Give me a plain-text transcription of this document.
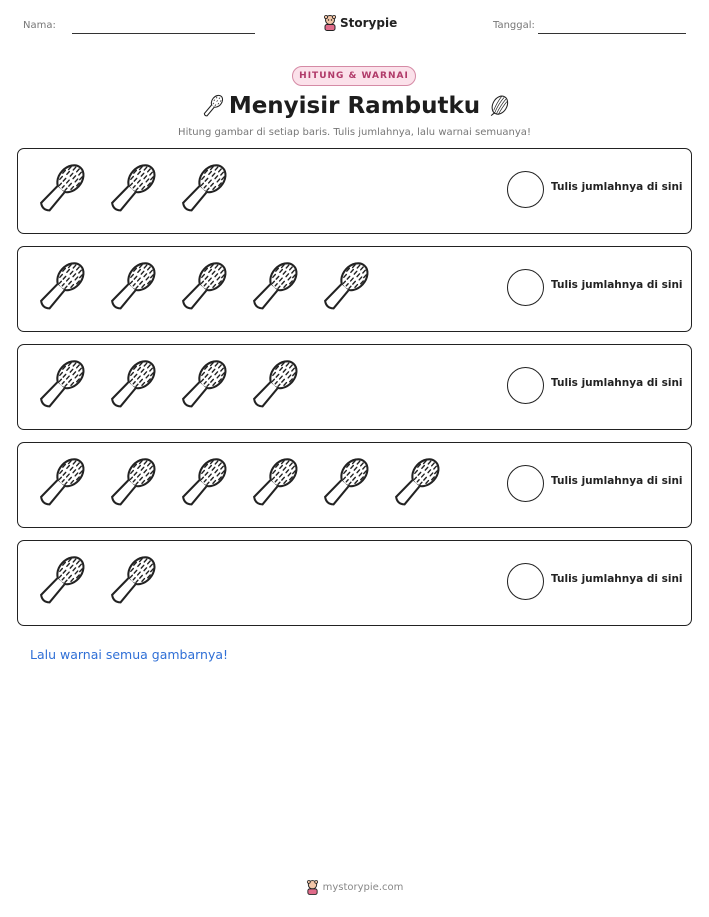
Nama:	Storypie	Tanggal:
HITUNG & WARNAI
Menyisir Rambutku
Hitung gambar di setiap baris. Tulis jumlahnya, lalu warnai semuanya!
Tulis jumlahnya di sini
Tulis jumlahnya di sini
Tulis jumlahnya di sini
Tulis jumlahnya di sini
Tulis jumlahnya di sini
Lalu warnai semua gambarnya!
mystorypie.com
